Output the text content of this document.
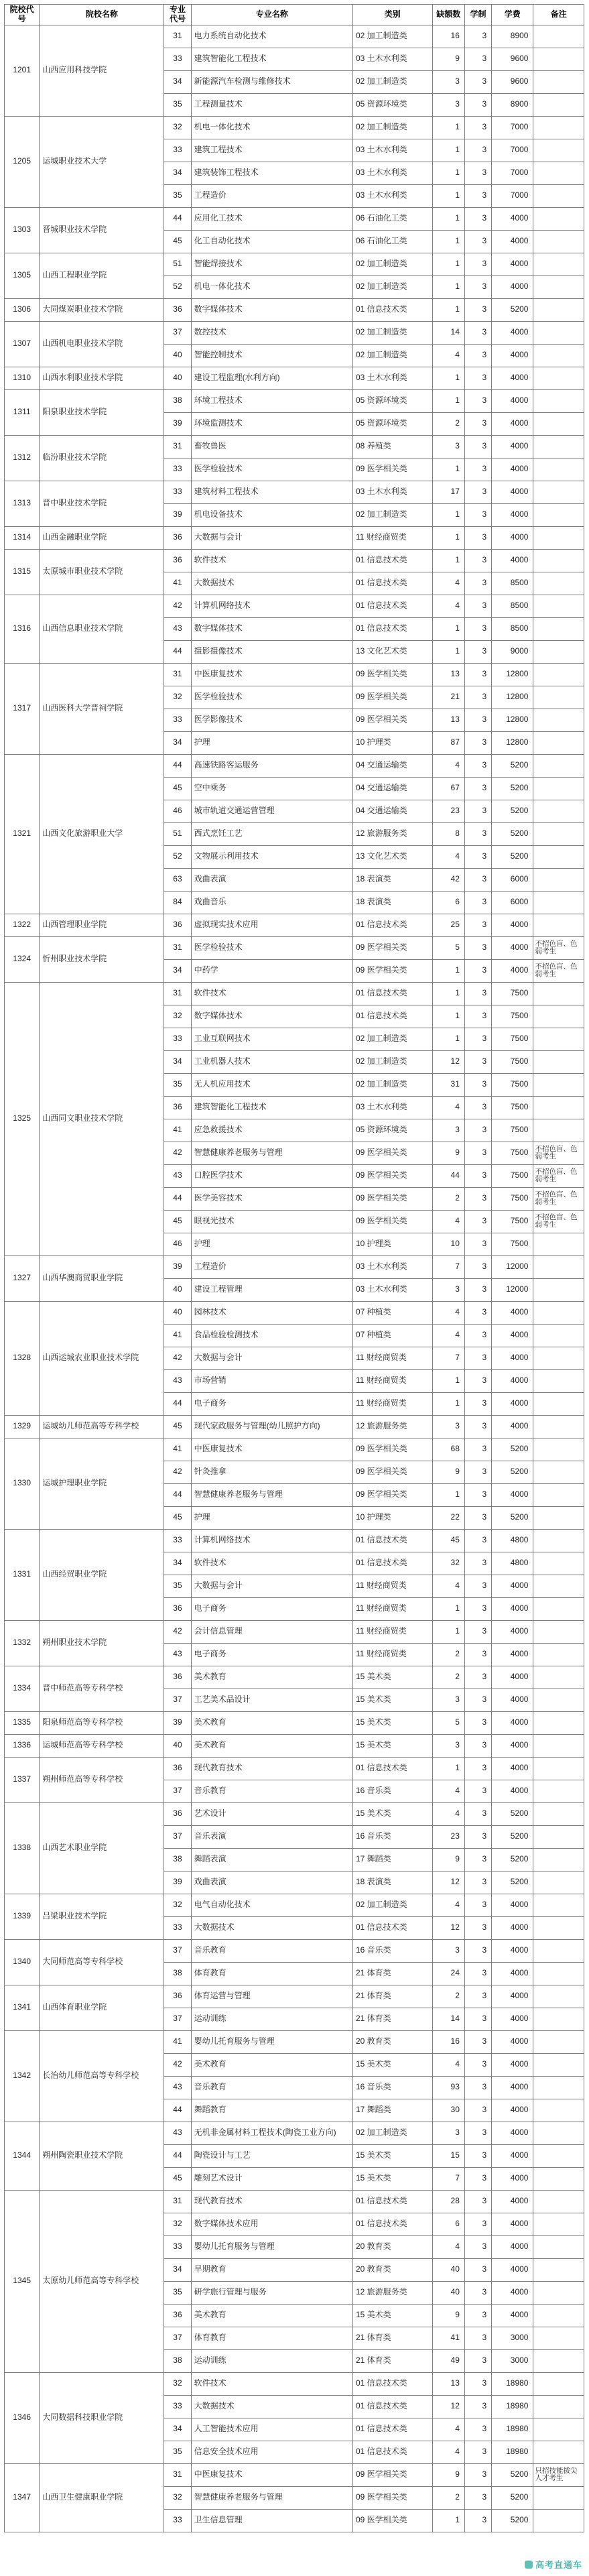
院校代号	院校名称	专业代号	专业名称	类别	缺额数	学制	学费	备注
1201	山西应用科技学院	31	电力系统自动化技术	02 加工制造类	16	3	8900	
		33	建筑智能化工程技术	03 土木水利类	9	3	9600	
		34	新能源汽车检测与维修技术	02 加工制造类	3	3	9600	
		35	工程测量技术	05 资源环境类	3	3	8900	
1205	运城职业技术大学	32	机电一体化技术	02 加工制造类	1	3	7000	
		33	建筑工程技术	03 土木水利类	1	3	7000	
		34	建筑装饰工程技术	03 土木水利类	1	3	7000	
		35	工程造价	03 土木水利类	1	3	7000	
1303	晋城职业技术学院	44	应用化工技术	06 石油化工类	1	3	4000	
		45	化工自动化技术	06 石油化工类	1	3	4000	
1305	山西工程职业学院	51	智能焊接技术	02 加工制造类	1	3	4000	
		52	机电一体化技术	02 加工制造类	1	3	4000	
1306	大同煤炭职业技术学院	36	数字媒体技术	01 信息技术类	1	3	5200	
1307	山西机电职业技术学院	37	数控技术	02 加工制造类	14	3	4000	
		40	智能控制技术	02 加工制造类	4	3	4000	
1310	山西水利职业技术学院	40	建设工程监理(水利方向)	03 土木水利类	1	3	4000	
1311	阳泉职业技术学院	38	环境工程技术	05 资源环境类	1	3	4000	
		39	环境监测技术	05 资源环境类	2	3	4000	
1312	临汾职业技术学院	31	畜牧兽医	08 养殖类	3	3	4000	
		33	医学检验技术	09 医学相关类	1	3	4000	
1313	晋中职业技术学院	33	建筑材料工程技术	03 土木水利类	17	3	4000	
		39	机电设备技术	02 加工制造类	1	3	4000	
1314	山西金融职业学院	36	大数据与会计	11 财经商贸类	1	3	4000	
1315	太原城市职业技术学院	36	软件技术	01 信息技术类	1	3	4000	
		41	大数据技术	01 信息技术类	4	3	8500	
1316	山西信息职业技术学院	42	计算机网络技术	01 信息技术类	4	3	8500	
		43	数字媒体技术	01 信息技术类	1	3	8500	
		44	摄影摄像技术	13 文化艺术类	1	3	9000	
1317	山西医科大学晋祠学院	31	中医康复技术	09 医学相关类	13	3	12800	
		32	医学检验技术	09 医学相关类	21	3	12800	
		33	医学影像技术	09 医学相关类	13	3	12800	
		34	护理	10 护理类	87	3	12800	
1321	山西文化旅游职业大学	44	高速铁路客运服务	04 交通运输类	4	3	5200	
		45	空中乘务	04 交通运输类	67	3	5200	
		46	城市轨道交通运营管理	04 交通运输类	23	3	5200	
		51	西式烹饪工艺	12 旅游服务类	8	3	5200	
		52	文物展示利用技术	13 文化艺术类	4	3	5200	
		63	戏曲表演	18 表演类	42	3	6000	
		84	戏曲音乐	18 表演类	6	3	6000	
1322	山西管理职业学院	36	虚拟现实技术应用	01 信息技术类	25	3	4000	
1324	忻州职业技术学院	31	医学检验技术	09 医学相关类	5	3	4000	不招色盲、色弱考生
		34	中药学	09 医学相关类	1	3	4000	不招色盲、色弱考生
1325	山西同文职业技术学院	31	软件技术	01 信息技术类	1	3	7500	
		32	数字媒体技术	01 信息技术类	1	3	7500	
		33	工业互联网技术	02 加工制造类	1	3	7500	
		34	工业机器人技术	02 加工制造类	12	3	7500	
		35	无人机应用技术	02 加工制造类	31	3	7500	
		36	建筑智能化工程技术	03 土木水利类	4	3	7500	
		41	应急救援技术	05 资源环境类	3	3	7500	
		42	智慧健康养老服务与管理	09 医学相关类	9	3	7500	不招色盲、色弱考生
		43	口腔医学技术	09 医学相关类	44	3	7500	不招色盲、色弱考生
		44	医学美容技术	09 医学相关类	2	3	7500	不招色盲、色弱考生
		45	眼视光技术	09 医学相关类	4	3	7500	不招色盲、色弱考生
		46	护理	10 护理类	10	3	7500	
1327	山西华澳商贸职业学院	39	工程造价	03 土木水利类	7	3	12000	
		40	建设工程管理	03 土木水利类	3	3	12000	
1328	山西运城农业职业技术学院	40	园林技术	07 种植类	4	3	4000	
		41	食品检验检测技术	07 种植类	4	3	4000	
		42	大数据与会计	11 财经商贸类	7	3	4000	
		43	市场营销	11 财经商贸类	1	3	4000	
		44	电子商务	11 财经商贸类	1	3	4000	
1329	运城幼儿师范高等专科学校	45	现代家政服务与管理(幼儿照护方向)	12 旅游服务类	3	3	4000	
1330	运城护理职业学院	41	中医康复技术	09 医学相关类	68	3	5200	
		42	针灸推拿	09 医学相关类	9	3	5200	
		44	智慧健康养老服务与管理	09 医学相关类	1	3	4000	
		45	护理	10 护理类	22	3	5200	
1331	山西经贸职业学院	33	计算机网络技术	01 信息技术类	45	3	4800	
		34	软件技术	01 信息技术类	32	3	4800	
		35	大数据与会计	11 财经商贸类	4	3	4000	
		36	电子商务	11 财经商贸类	1	3	4000	
1332	朔州职业技术学院	42	会计信息管理	11 财经商贸类	1	3	4000	
		43	电子商务	11 财经商贸类	2	3	4000	
1334	晋中师范高等专科学校	36	美术教育	15 美术类	2	3	4000	
		37	工艺美术品设计	15 美术类	3	3	4000	
1335	阳泉师范高等专科学校	39	美术教育	15 美术类	5	3	4000	
1336	运城师范高等专科学校	40	美术教育	15 美术类	3	3	4000	
1337	朔州师范高等专科学校	36	现代教育技术	01 信息技术类	1	3	4000	
		37	音乐教育	16 音乐类	4	3	4000	
1338	山西艺术职业学院	36	艺术设计	15 美术类	4	3	5200	
		37	音乐表演	16 音乐类	23	3	5200	
		38	舞蹈表演	17 舞蹈类	9	3	5200	
		39	戏曲表演	18 表演类	12	3	5200	
1339	吕梁职业技术学院	32	电气自动化技术	02 加工制造类	4	3	4000	
		33	大数据技术	01 信息技术类	12	3	4000	
1340	大同师范高等专科学校	37	音乐教育	16 音乐类	3	3	4000	
		38	体育教育	21 体育类	24	3	4000	
1341	山西体育职业学院	36	体育运营与管理	21 体育类	2	3	4000	
		37	运动训练	21 体育类	14	3	4000	
1342	长治幼儿师范高等专科学校	41	婴幼儿托育服务与管理	20 教育类	16	3	4000	
		42	美术教育	15 美术类	4	3	4000	
		43	音乐教育	16 音乐类	93	3	4000	
		44	舞蹈教育	17 舞蹈类	30	3	4000	
1344	朔州陶瓷职业技术学院	43	无机非金属材料工程技术(陶瓷工业方向)	02 加工制造类	3	3	4000	
		44	陶瓷设计与工艺	15 美术类	15	3	4000	
		45	雕刻艺术设计	15 美术类	7	3	4000	
1345	太原幼儿师范高等专科学校	31	现代教育技术	01 信息技术类	28	3	4000	
		32	数字媒体技术应用	01 信息技术类	6	3	4000	
		33	婴幼儿托育服务与管理	20 教育类	4	3	4000	
		34	早期教育	20 教育类	40	3	4000	
		35	研学旅行管理与服务	12 旅游服务类	40	3	4000	
		36	美术教育	15 美术类	9	3	4000	
		37	体育教育	21 体育类	41	3	3000	
		38	运动训练	21 体育类	49	3	3000	
1346	大同数据科技职业学院	32	软件技术	01 信息技术类	13	3	18980	
		33	大数据技术	01 信息技术类	12	3	18980	
		34	人工智能技术应用	01 信息技术类	4	3	18980	
		35	信息安全技术应用	01 信息技术类	4	3	18980	
1347	山西卫生健康职业学院	31	中医康复技术	09 医学相关类	9	3	5200	只招技能拔尖人才考生
		32	智慧健康养老服务与管理	09 医学相关类	2	3	5200	
		33	卫生信息管理	09 医学相关类	1	3	5200	
高考直通车
